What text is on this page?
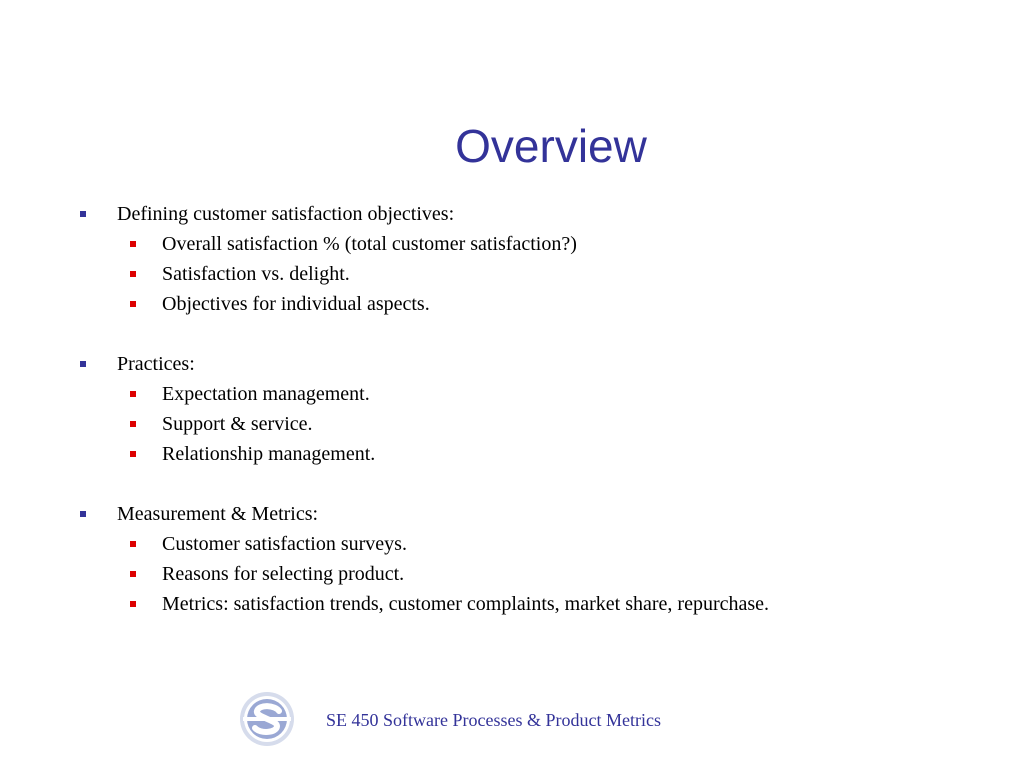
Overview
Defining customer satisfaction objectives:
Overall satisfaction % (total customer satisfaction?)
Satisfaction vs. delight.
Objectives for individual aspects.
Practices:
Expectation management.
Support & service.
Relationship management.
Measurement & Metrics:
Customer satisfaction surveys.
Reasons for selecting product.
Metrics: satisfaction trends, customer complaints, market share, repurchase.
SE 450 Software Processes & Product Metrics
